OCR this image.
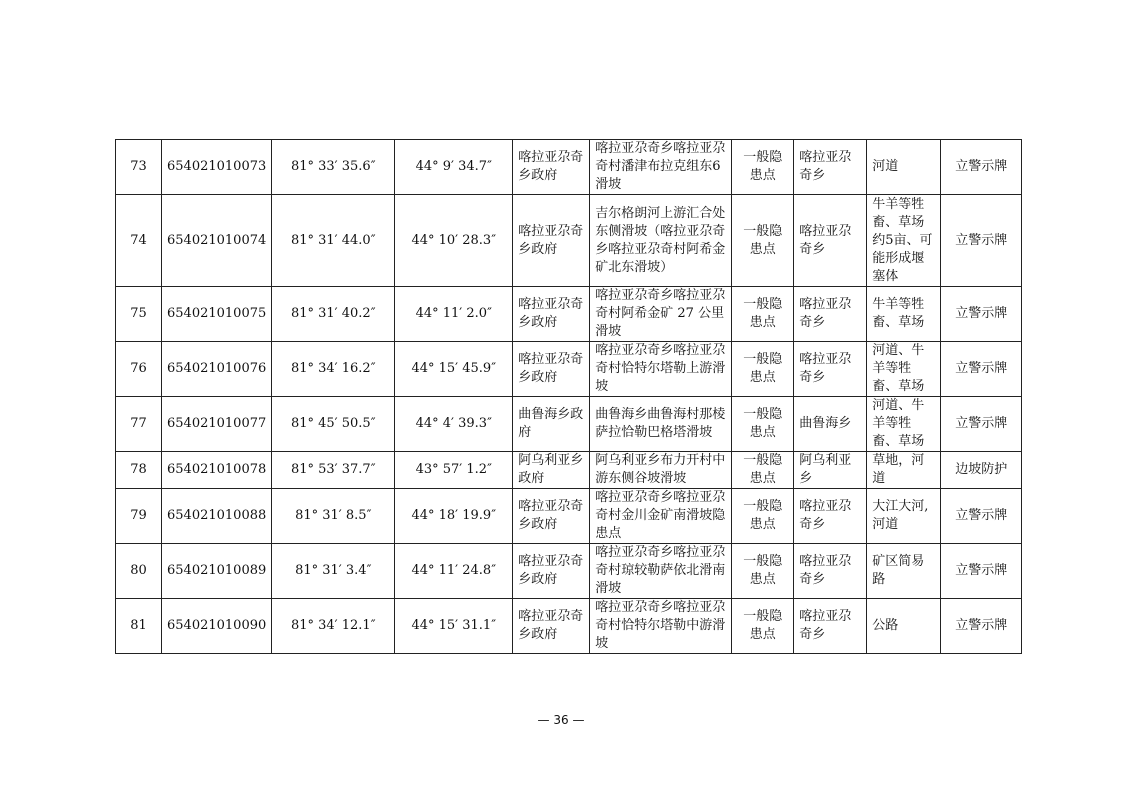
73	654021010073	81° 33′ 35.6″	44° 9′ 34.7″	喀拉亚尕奇乡政府	喀拉亚尕奇乡喀拉亚尕奇村潘津布拉克组东6滑坡	一般隐患点	喀拉亚尕奇乡	河道	立警示牌
74	654021010074	81° 31′ 44.0″	44° 10′ 28.3″	喀拉亚尕奇乡政府	吉尔格朗河上游汇合处东侧滑坡（喀拉亚尕奇乡喀拉亚尕奇村阿希金矿北东滑坡）	一般隐患点	喀拉亚尕奇乡	牛羊等牲畜、草场约5亩、可能形成堰塞体	立警示牌
75	654021010075	81° 31′ 40.2″	44° 11′ 2.0″	喀拉亚尕奇乡政府	喀拉亚尕奇乡喀拉亚尕奇村阿希金矿 27 公里滑坡	一般隐患点	喀拉亚尕奇乡	牛羊等牲畜、草场	立警示牌
76	654021010076	81° 34′ 16.2″	44° 15′ 45.9″	喀拉亚尕奇乡政府	喀拉亚尕奇乡喀拉亚尕奇村恰特尔塔勒上游滑坡	一般隐患点	喀拉亚尕奇乡	河道、牛羊等牲畜、草场	立警示牌
77	654021010077	81° 45′ 50.5″	44° 4′ 39.3″	曲鲁海乡政府	曲鲁海乡曲鲁海村那棱萨拉恰勒巴格塔滑坡	一般隐患点	曲鲁海乡	河道、牛羊等牲畜、草场	立警示牌
78	654021010078	81° 53′ 37.7″	43° 57′ 1.2″	阿乌利亚乡政府	阿乌利亚乡布力开村中游东侧谷坡滑坡	一般隐患点	阿乌利亚乡	草地，河道	边坡防护
79	654021010088	81° 31′ 8.5″	44° 18′ 19.9″	喀拉亚尕奇乡政府	喀拉亚尕奇乡喀拉亚尕奇村金川金矿南滑坡隐患点	一般隐患点	喀拉亚尕奇乡	大江大河,河道	立警示牌
80	654021010089	81° 31′ 3.4″	44° 11′ 24.8″	喀拉亚尕奇乡政府	喀拉亚尕奇乡喀拉亚尕奇村琼较勒萨依北滑南滑坡	一般隐患点	喀拉亚尕奇乡	矿区简易路	立警示牌
81	654021010090	81° 34′ 12.1″	44° 15′ 31.1″	喀拉亚尕奇乡政府	喀拉亚尕奇乡喀拉亚尕奇村恰特尔塔勒中游滑坡	一般隐患点	喀拉亚尕奇乡	公路	立警示牌
— 36 —
